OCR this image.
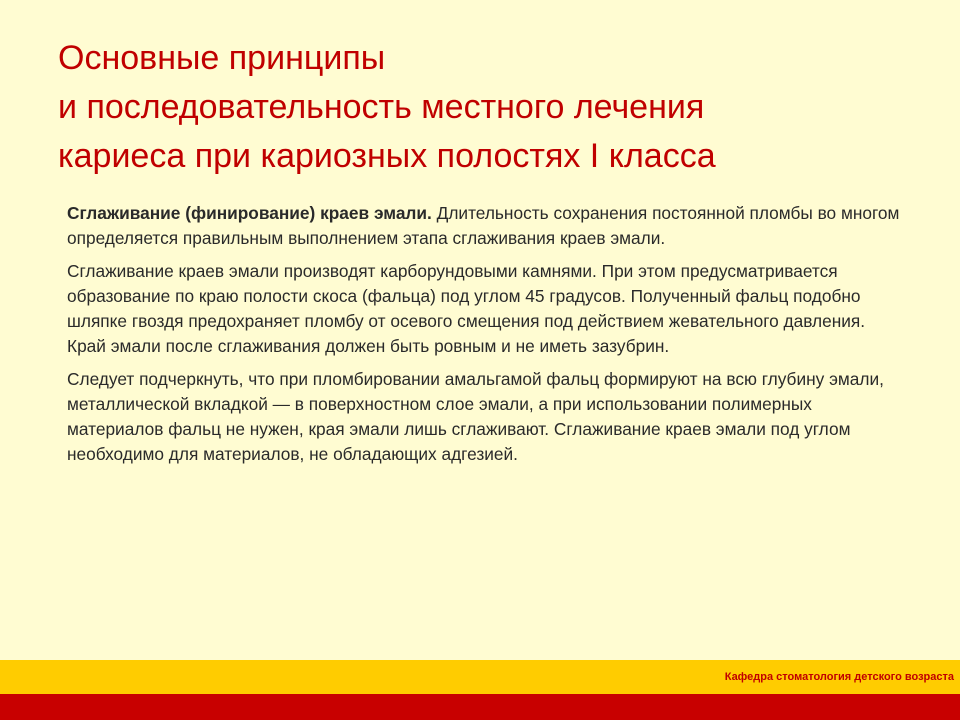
Основные принципы
и последовательность местного лечения
кариеса при кариозных полостях I класса

Сглаживание (финирование) краев эмали. Длительность сохранения постоянной пломбы во многом определяется правильным выполнением этапа сглаживания краев эмали.

Сглаживание краев эмали производят карборундовыми камнями. При этом предусматривается образование по краю полости скоса (фальца) под углом 45 градусов. Полученный фальц подобно шляпке гвоздя предохраняет пломбу от осевого смещения под действием жевательного давления. Край эмали после сглаживания должен быть ровным и не иметь зазубрин.

Следует подчеркнуть, что при пломбировании амальгамой фальц формируют на всю глубину эмали, металлической вкладкой — в поверхностном слое эмали, а при использовании полимерных материалов фальц не нужен, края эмали лишь сглаживают. Сглаживание краев эмали под углом необходимо для материалов, не обладающих адгезией.

Кафедра стоматология детского возраста
